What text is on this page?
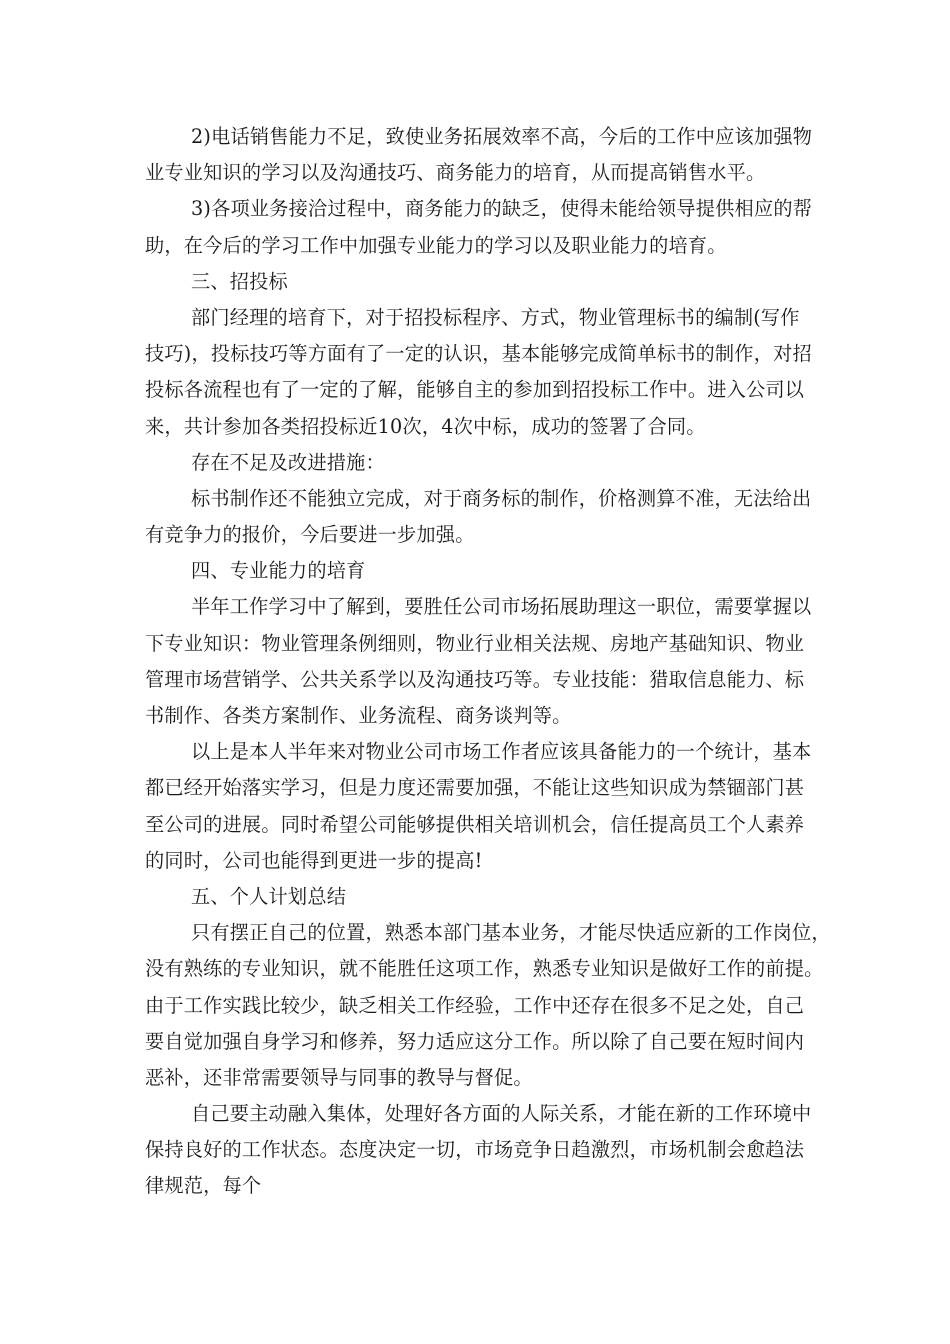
2)电话销售能力不足，致使业务拓展效率不高，今后的工作中应该加强物
业专业知识的学习以及沟通技巧、商务能力的培育，从而提高销售水平。
3)各项业务接洽过程中，商务能力的缺乏，使得未能给领导提供相应的帮
助，在今后的学习工作中加强专业能力的学习以及职业能力的培育。
三、招投标
部门经理的培育下，对于招投标程序、方式，物业管理标书的编制(写作
技巧)，投标技巧等方面有了一定的认识，基本能够完成简单标书的制作，对招
投标各流程也有了一定的了解，能够自主的参加到招投标工作中。进入公司以
来，共计参加各类招投标近10次，4次中标，成功的签署了合同。
存在不足及改进措施：
标书制作还不能独立完成，对于商务标的制作，价格测算不准，无法给出
有竞争力的报价，今后要进一步加强。
四、专业能力的培育
半年工作学习中了解到，要胜任公司市场拓展助理这一职位，需要掌握以
下专业知识：物业管理条例细则，物业行业相关法规、房地产基础知识、物业
管理市场营销学、公共关系学以及沟通技巧等。专业技能：猎取信息能力、标
书制作、各类方案制作、业务流程、商务谈判等。
以上是本人半年来对物业公司市场工作者应该具备能力的一个统计，基本
都已经开始落实学习，但是力度还需要加强，不能让这些知识成为禁锢部门甚
至公司的进展。同时希望公司能够提供相关培训机会，信任提高员工个人素养
的同时，公司也能得到更进一步的提高!
五、个人计划总结
只有摆正自己的位置，熟悉本部门基本业务，才能尽快适应新的工作岗位，
没有熟练的专业知识，就不能胜任这项工作，熟悉专业知识是做好工作的前提。
由于工作实践比较少，缺乏相关工作经验，工作中还存在很多不足之处，自己
要自觉加强自身学习和修养，努力适应这分工作。所以除了自己要在短时间内
恶补，还非常需要领导与同事的教导与督促。
自己要主动融入集体，处理好各方面的人际关系，才能在新的工作环境中
保持良好的工作状态。态度决定一切，市场竞争日趋激烈，市场机制会愈趋法
律规范，每个
